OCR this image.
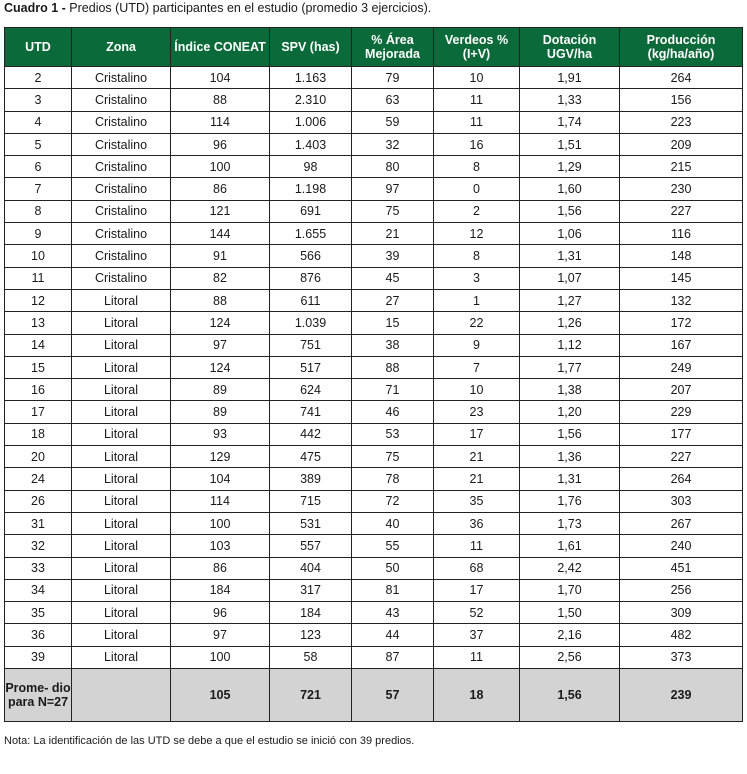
Cuadro 1 - Predios (UTD) participantes en el estudio (promedio 3 ejercicios).
UTD	Zona	Índice CONEAT	SPV (has)	% Área Mejorada	Verdeos % (I+V)	Dotación UGV/ha	Producción (kg/ha/año)
2	Cristalino	104	1.163	79	10	1,91	264
3	Cristalino	88	2.310	63	11	1,33	156
4	Cristalino	114	1.006	59	11	1,74	223
5	Cristalino	96	1.403	32	16	1,51	209
6	Cristalino	100	98	80	8	1,29	215
7	Cristalino	86	1.198	97	0	1,60	230
8	Cristalino	121	691	75	2	1,56	227
9	Cristalino	144	1.655	21	12	1,06	116
10	Cristalino	91	566	39	8	1,31	148
11	Cristalino	82	876	45	3	1,07	145
12	Litoral	88	611	27	1	1,27	132
13	Litoral	124	1.039	15	22	1,26	172
14	Litoral	97	751	38	9	1,12	167
15	Litoral	124	517	88	7	1,77	249
16	Litoral	89	624	71	10	1,38	207
17	Litoral	89	741	46	23	1,20	229
18	Litoral	93	442	53	17	1,56	177
20	Litoral	129	475	75	21	1,36	227
24	Litoral	104	389	78	21	1,31	264
26	Litoral	114	715	72	35	1,76	303
31	Litoral	100	531	40	36	1,73	267
32	Litoral	103	557	55	11	1,61	240
33	Litoral	86	404	50	68	2,42	451
34	Litoral	184	317	81	17	1,70	256
35	Litoral	96	184	43	52	1,50	309
36	Litoral	97	123	44	37	2,16	482
39	Litoral	100	58	87	11	2,56	373
Prome- dio para N=27		105	721	57	18	1,56	239
Nota: La identificación de las UTD se debe a que el estudio se inició con 39 predios.
